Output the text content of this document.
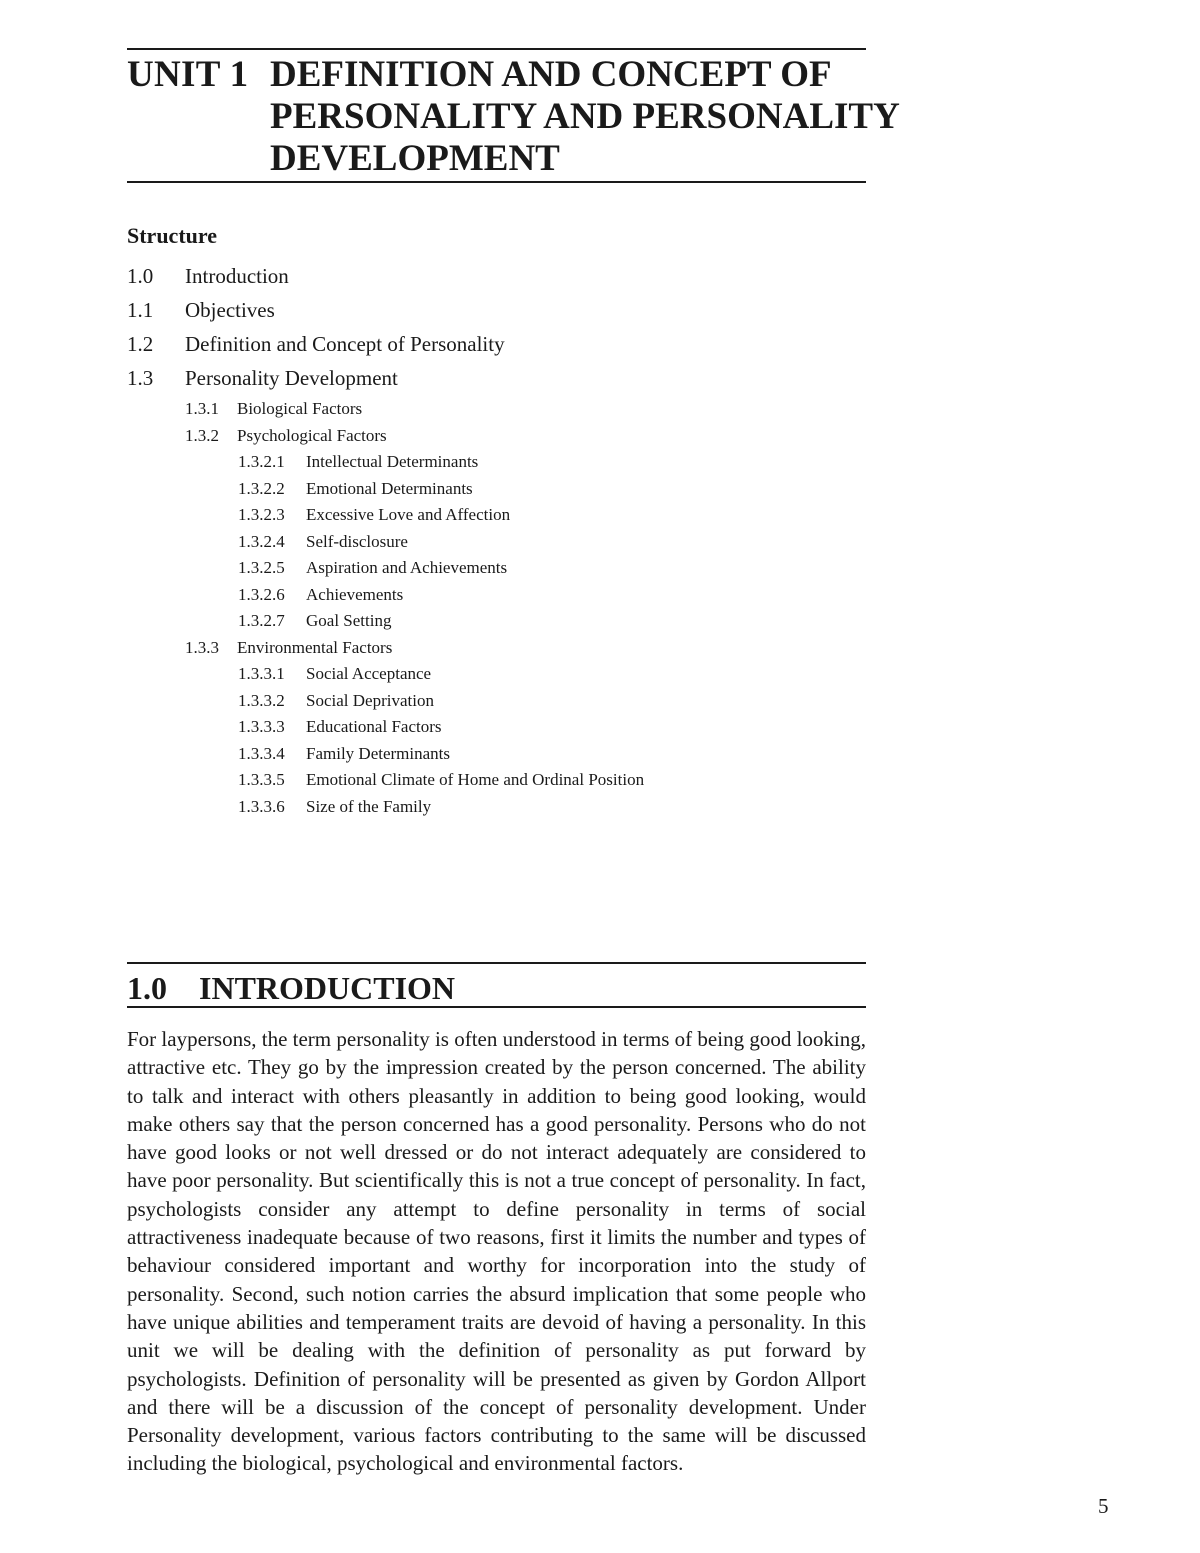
UNIT 1 DEFINITION AND CONCEPT OF
PERSONALITY AND PERSONALITY
DEVELOPMENT
Structure
1.0 Introduction
1.1 Objectives
1.2 Definition and Concept of Personality
1.3 Personality Development
1.3.1 Biological Factors
1.3.2 Psychological Factors
1.3.2.1 Intellectual Determinants
1.3.2.2 Emotional Determinants
1.3.2.3 Excessive Love and Affection
1.3.2.4 Self-disclosure
1.3.2.5 Aspiration and Achievements
1.3.2.6 Achievements
1.3.2.7 Goal Setting
1.3.3 Environmental Factors
1.3.3.1 Social Acceptance
1.3.3.2 Social Deprivation
1.3.3.3 Educational Factors
1.3.3.4 Family Determinants
1.3.3.5 Emotional Climate of Home and Ordinal Position
1.3.3.6 Size of the Family
1.0 INTRODUCTION

For laypersons, the term personality is often understood in terms of being good looking, attractive etc. They go by the impression created by the person concerned. The ability to talk and interact with others pleasantly in addition to being good looking, would make others say that the person concerned has a good personality. Persons who do not have good looks or not well dressed or do not interact adequately are considered to have poor personality. But scientifically this is not a true concept of personality. In fact, psychologists consider any attempt to define personality in terms of social attractiveness inadequate because of two reasons, first it limits the number and types of behaviour considered important and worthy for incorporation into the study of personality. Second, such notion carries the absurd implication that some people who have unique abilities and temperament traits are devoid of having a personality. In this unit we will be dealing with the definition of personality as put forward by psychologists. Definition of personality will be presented as given by Gordon Allport and there will be a discussion of the concept of personality development. Under Personality development, various factors contributing to the same will be discussed including the biological, psychological and environmental factors.

5
